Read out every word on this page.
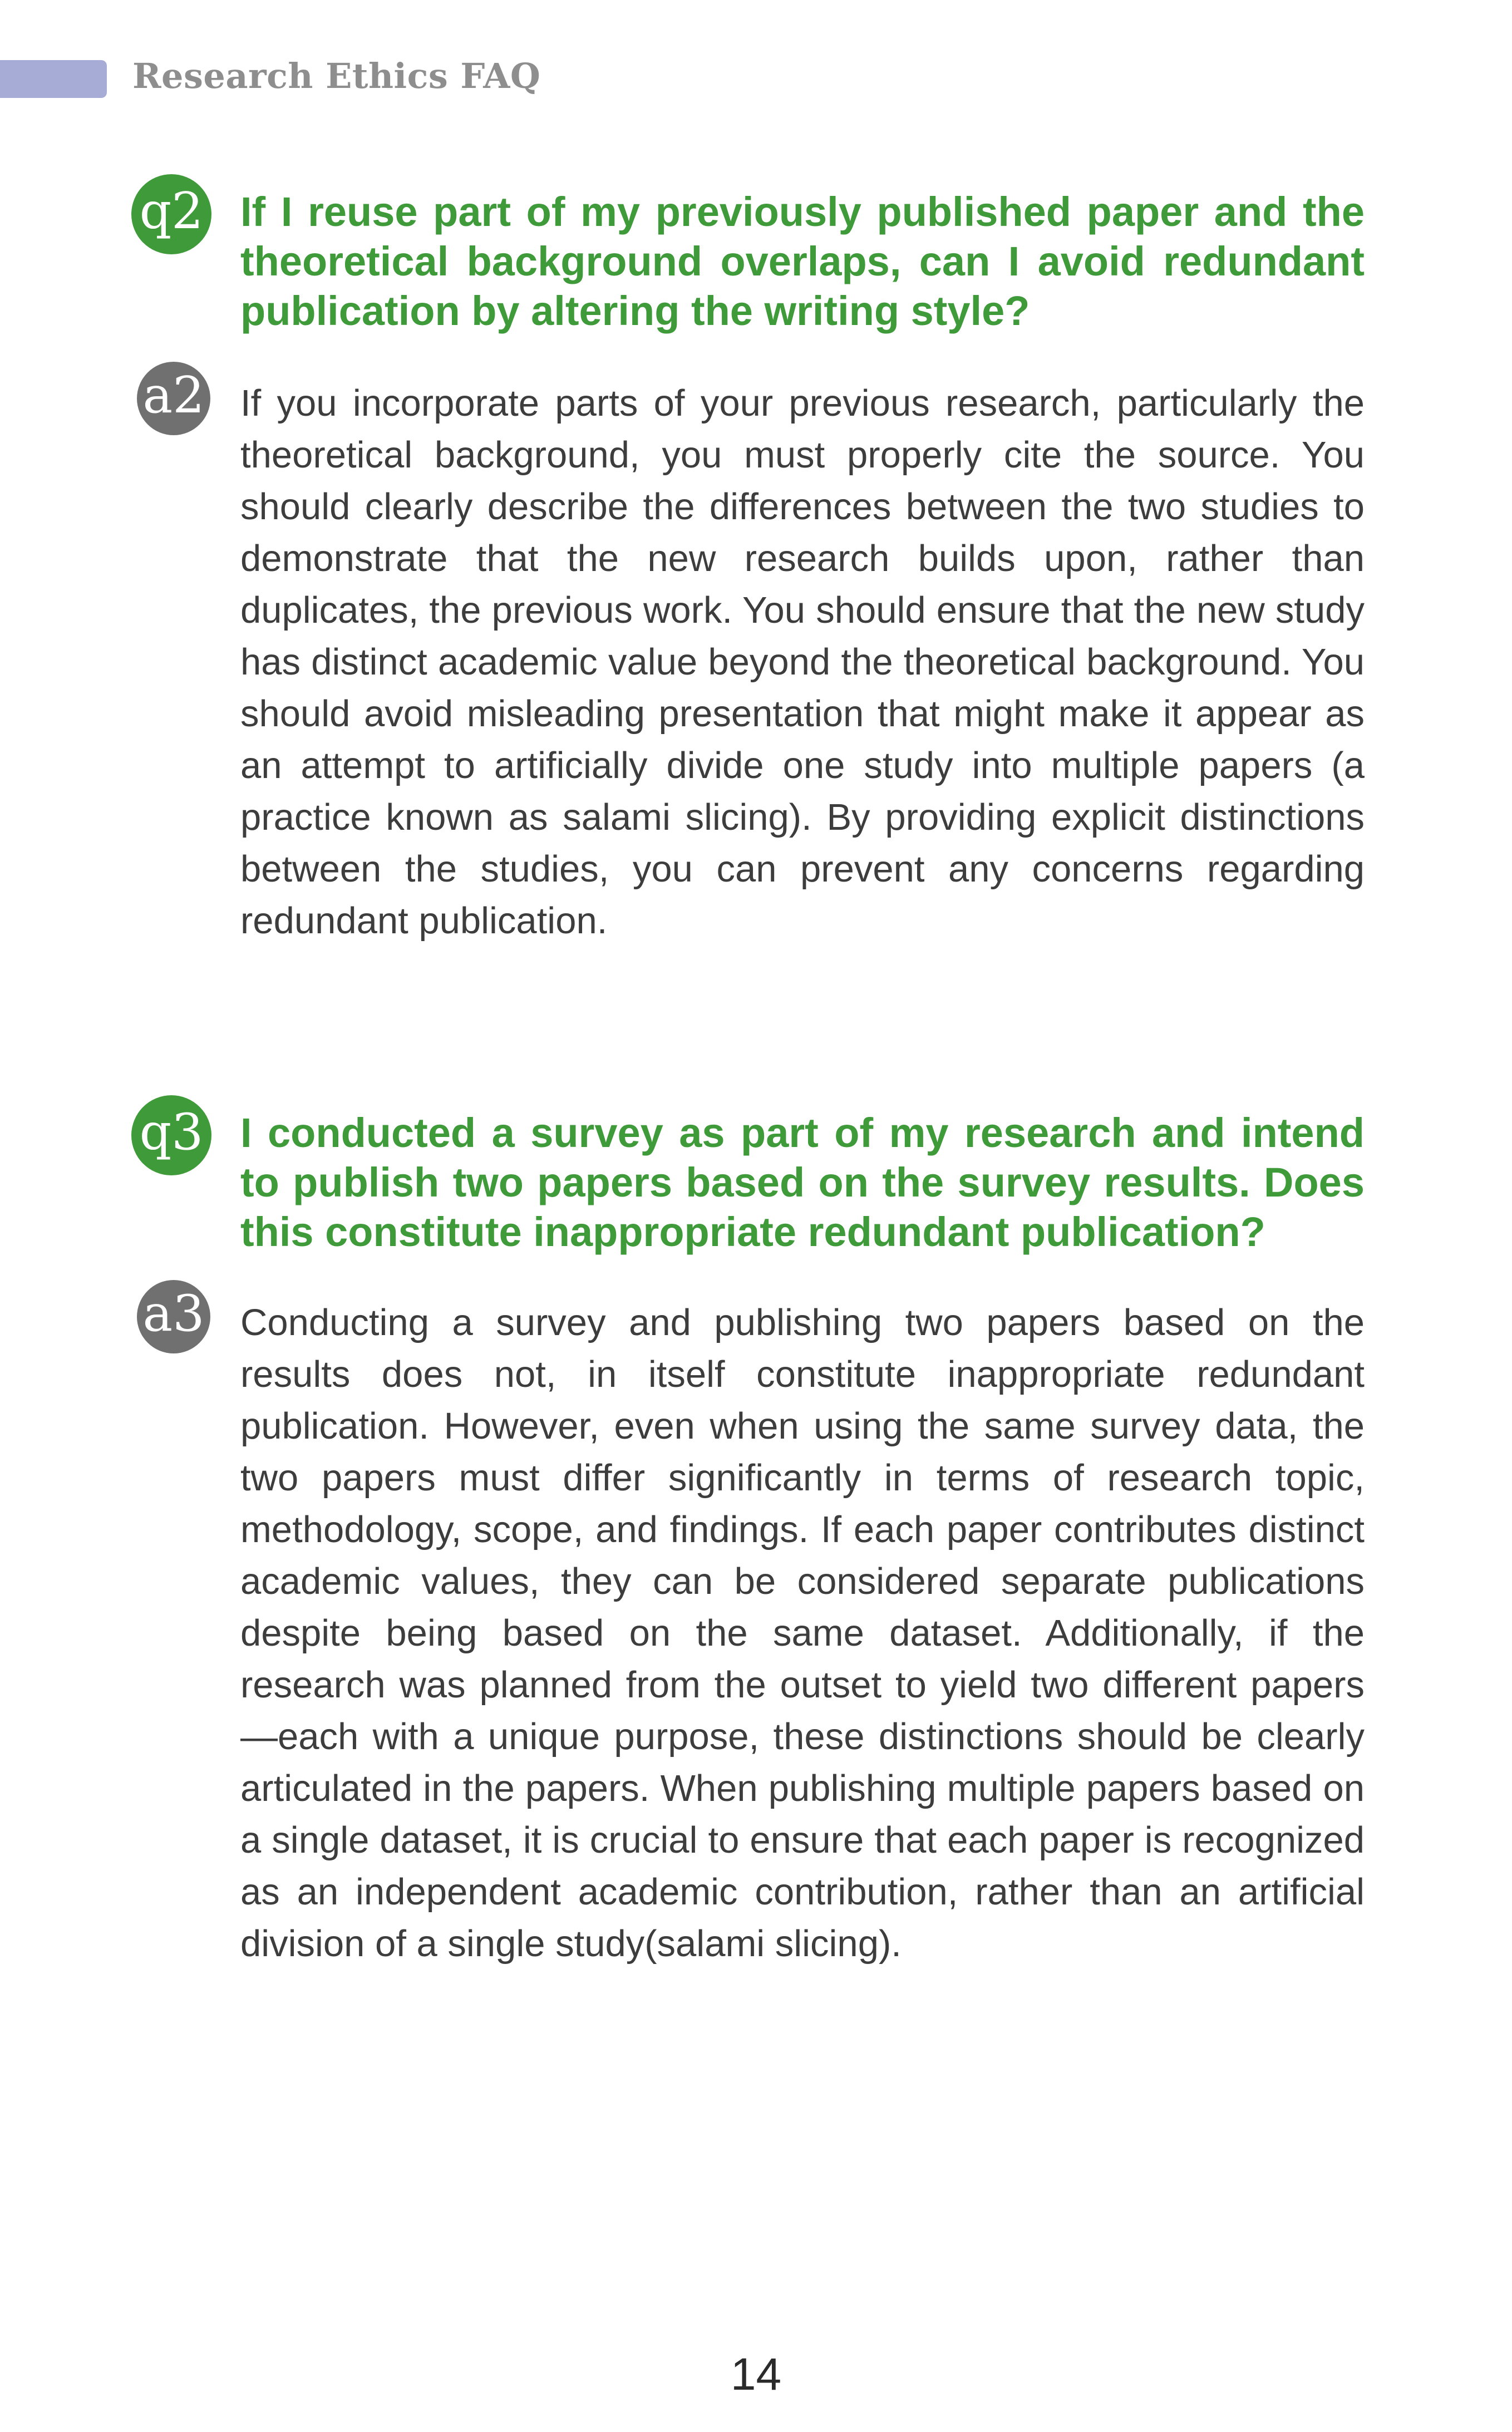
Research Ethics FAQ
q2 If I reuse part of my previously published paper and the theoretical background overlaps, can I avoid redundant publication by altering the writing style?

a2 If you incorporate parts of your previous research, particularly the theoretical background, you must properly cite the source. You should clearly describe the differences between the two studies to demonstrate that the new research builds upon, rather than duplicates, the previous work. You should ensure that the new study has distinct academic value beyond the theoretical background. You should avoid misleading presentation that might make it appear as an attempt to artificially divide one study into multiple papers (a practice known as salami slicing). By providing explicit distinctions between the studies, you can prevent any concerns regarding redundant publication.

q3 I conducted a survey as part of my research and intend to publish two papers based on the survey results. Does this constitute inappropriate redundant publication?

a3 Conducting a survey and publishing two papers based on the results does not, in itself constitute inappropriate redundant publication. However, even when using the same survey data, the two papers must differ significantly in terms of research topic, methodology, scope, and findings. If each paper contributes distinct academic values, they can be considered separate publications despite being based on the same dataset. Additionally, if the research was planned from the outset to yield two different papers—each with a unique purpose, these distinctions should be clearly articulated in the papers. When publishing multiple papers based on a single dataset, it is crucial to ensure that each paper is recognized as an independent academic contribution, rather than an artificial division of a single study(salami slicing).

14
